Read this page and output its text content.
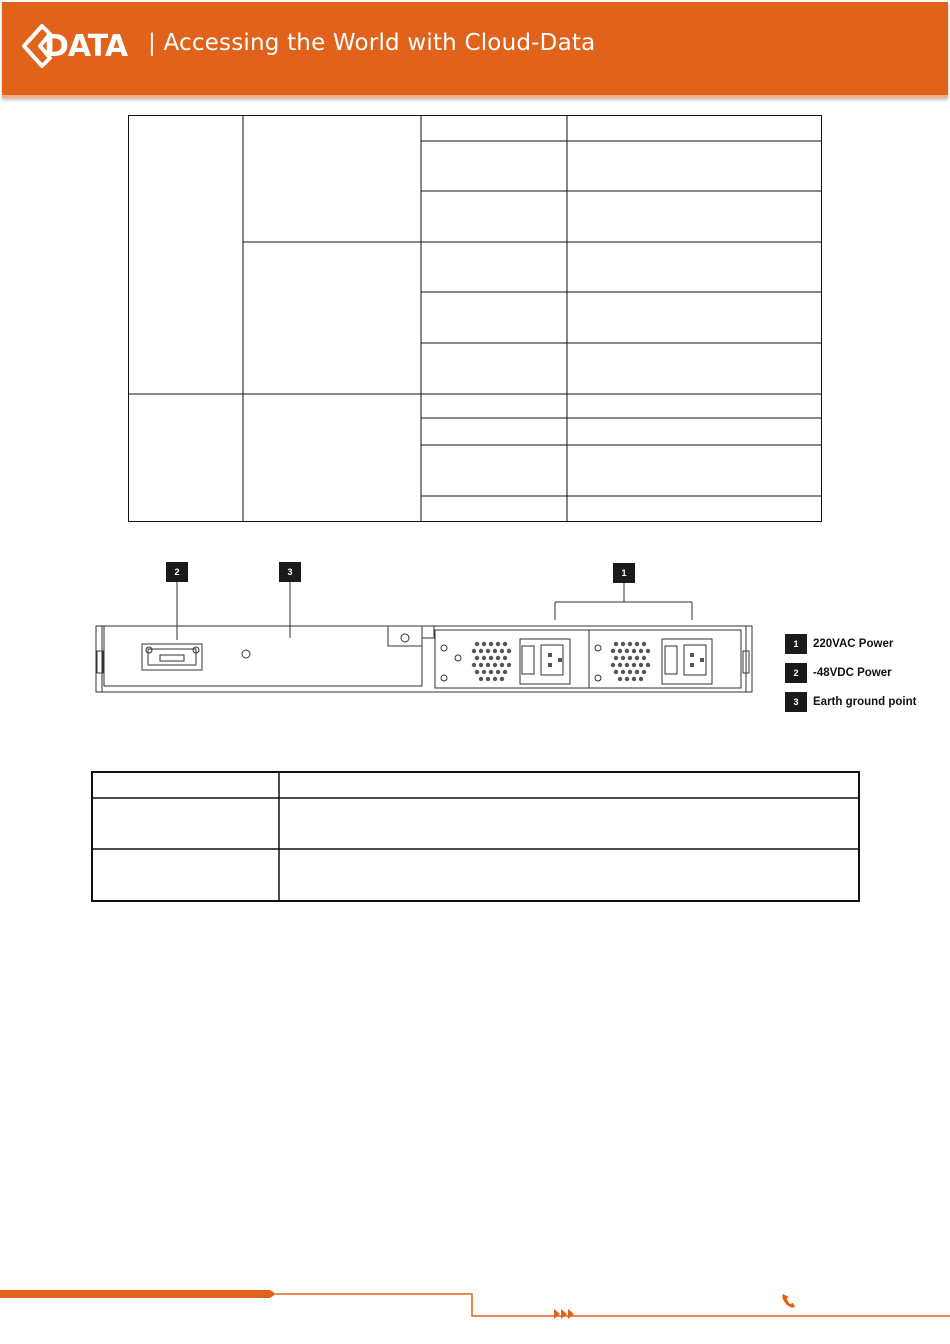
DATA | Accessing the World with Cloud-Data
2	3	1
1	220VAC Power
2	-48VDC Power
3	Earth ground point
